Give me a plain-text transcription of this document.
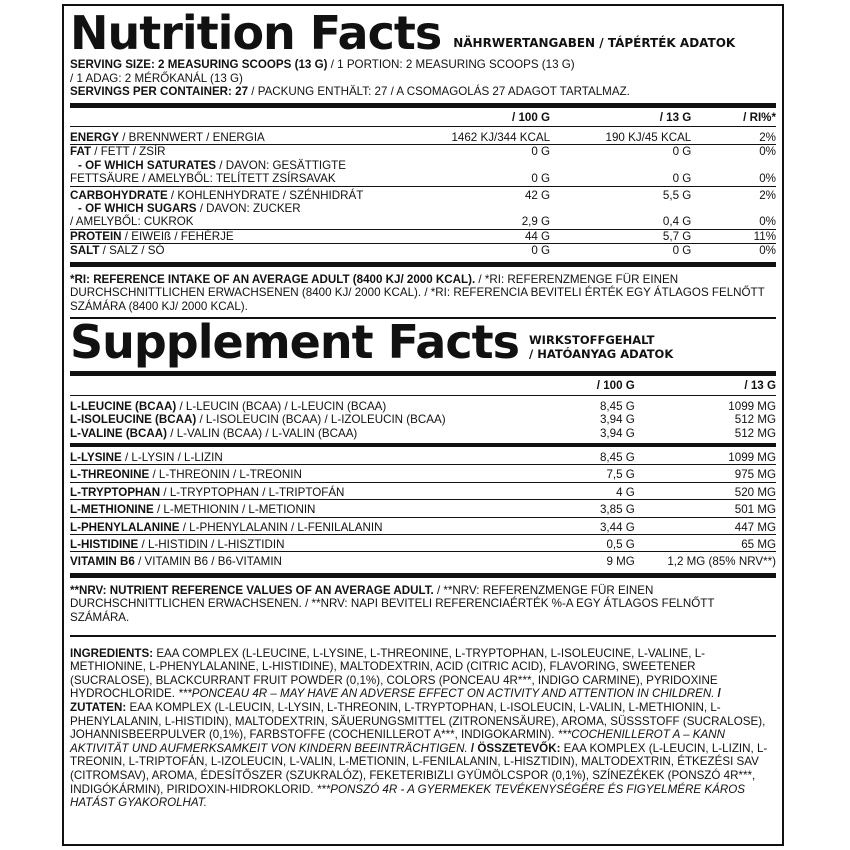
Nutrition Facts NÄHRWERTANGABEN / TÁPÉRTÉK ADATOK
SERVING SIZE: 2 MEASURING SCOOPS (13 G) / 1 PORTION: 2 MEASURING SCOOPS (13 G)
/ 1 ADAG: 2 MÉRŐKANÁL (13 G)
SERVINGS PER CONTAINER: 27 / PACKUNG ENTHÄLT: 27 / A CSOMAGOLÁS 27 ADAGOT TARTALMAZ.
	/ 100 G	/ 13 G	/ RI%*
ENERGY / BRENNWERT / ENERGIA	1462 KJ/344 KCAL	190 KJ/45 KCAL	2%
FAT / FETT / ZSÍR	0 G	0 G	0%
- OF WHICH SATURATES / DAVON: GESÄTTIGTE			
FETTSÄURE / AMELYBŐL: TELÍTETT ZSÍRSAVAK	0 G	0 G	0%
CARBOHYDRATE / KOHLENHYDRATE / SZÉNHIDRÁT	42 G	5,5 G	2%
- OF WHICH SUGARS / DAVON: ZUCKER			
/ AMELYBŐL: CUKROK	2,9 G	0,4 G	0%
PROTEIN / EIWEIß / FEHÉRJE	44 G	5,7 G	11%
SALT / SALZ / SÓ	0 G	0 G	0%
*RI: REFERENCE INTAKE OF AN AVERAGE ADULT (8400 KJ/ 2000 KCAL). / *RI: REFERENZMENGE FÜR EINEN DURCHSCHNITTLICHEN ERWACHSENEN (8400 KJ/ 2000 KCAL). / *RI: REFERENCIA BEVITELI ÉRTÉK EGY ÁTLAGOS FELNŐTT SZÁMÁRA (8400 KJ/ 2000 KCAL).
Supplement Facts WIRKSTOFFGEHALT
/ HATÓANYAG ADATOK
	/ 100 G	/ 13 G
L-LEUCINE (BCAA) / L-LEUCIN (BCAA) / L-LEUCIN (BCAA)	8,45 G	1099 MG
L-ISOLEUCINE (BCAA) / L-ISOLEUCIN (BCAA) / L-IZOLEUCIN (BCAA)	3,94 G	512 MG
L-VALINE (BCAA) / L-VALIN (BCAA) / L-VALIN (BCAA)	3,94 G	512 MG
L-LYSINE / L-LYSIN / L-LIZIN	8,45 G	1099 MG
L-THREONINE / L-THREONIN / L-TREONIN	7,5 G	975 MG
L-TRYPTOPHAN / L-TRYPTOPHAN / L-TRIPTOFÁN	4 G	520 MG
L-METHIONINE / L-METHIONIN / L-METIONIN	3,85 G	501 MG
L-PHENYLALANINE / L-PHENYLALANIN / L-FENILALANIN	3,44 G	447 MG
L-HISTIDINE / L-HISTIDIN / L-HISZTIDIN	0,5 G	65 MG
VITAMIN B6 / VITAMIN B6 / B6-VITAMIN	9 MG	1,2 MG (85% NRV**)
**NRV: NUTRIENT REFERENCE VALUES OF AN AVERAGE ADULT. / **NRV: REFERENZMENGE FÜR EINEN DURCHSCHNITTLICHEN ERWACHSENEN. / **NRV: NAPI BEVITELI REFERENCIAÉRTÉK %-A EGY ÁTLAGOS FELNŐTT SZÁMÁRA.
INGREDIENTS: EAA COMPLEX (L-LEUCINE, L-LYSINE, L-THREONINE, L-TRYPTOPHAN, L-ISOLEUCINE, L-VALINE, L-METHIONINE, L-PHENYLALANINE, L-HISTIDINE), MALTODEXTRIN, ACID (CITRIC ACID), FLAVORING, SWEETENER (SUCRALOSE), BLACKCURRANT FRUIT POWDER (0,1%), COLORS (PONCEAU 4R***, INDIGO CARMINE), PYRIDOXINE HYDROCHLORIDE. ***PONCEAU 4R – MAY HAVE AN ADVERSE EFFECT ON ACTIVITY AND ATTENTION IN CHILDREN. / ZUTATEN: EAA KOMPLEX (L-LEUCIN, L-LYSIN, L-THREONIN, L-TRYPTOPHAN, L-ISOLEUCIN, L-VALIN, L-METHIONIN, L-PHENYLALANIN, L-HISTIDIN), MALTODEXTRIN, SÄUERUNGSMITTEL (ZITRONENSÄURE), AROMA, SÜSSSTOFF (SUCRALOSE), JOHANNISBEERPULVER (0,1%), FARBSTOFFE (COCHENILLEROT A***, INDIGOKARMIN). ***COCHENILLEROT A – KANN AKTIVITÄT UND AUFMERKSAMKEIT VON KINDERN BEEINTRÄCHTIGEN. / ÖSSZETEVŐK: EAA KOMPLEX (L-LEUCIN, L-LIZIN, L-TREONIN, L-TRIPTOFÁN, L-IZOLEUCIN, L-VALIN, L-METIONIN, L-FENILALANIN, L-HISZTIDIN), MALTODEXTRIN, ÉTKEZÉSI SAV (CITROMSAV), AROMA, ÉDESÍTŐSZER (SZUKRALÓZ), FEKETERIBIZLI GYÜMÖLCSPOR (0,1%), SZÍNEZÉKEK (PONSZÓ 4R***, INDIGÓKÁRMIN), PIRIDOXIN-HIDROKLORID. ***PONSZÓ 4R - A GYERMEKEK TEVÉKENYSÉGÉRE ÉS FIGYELMÉRE KÁROS HATÁST GYAKOROLHAT.
